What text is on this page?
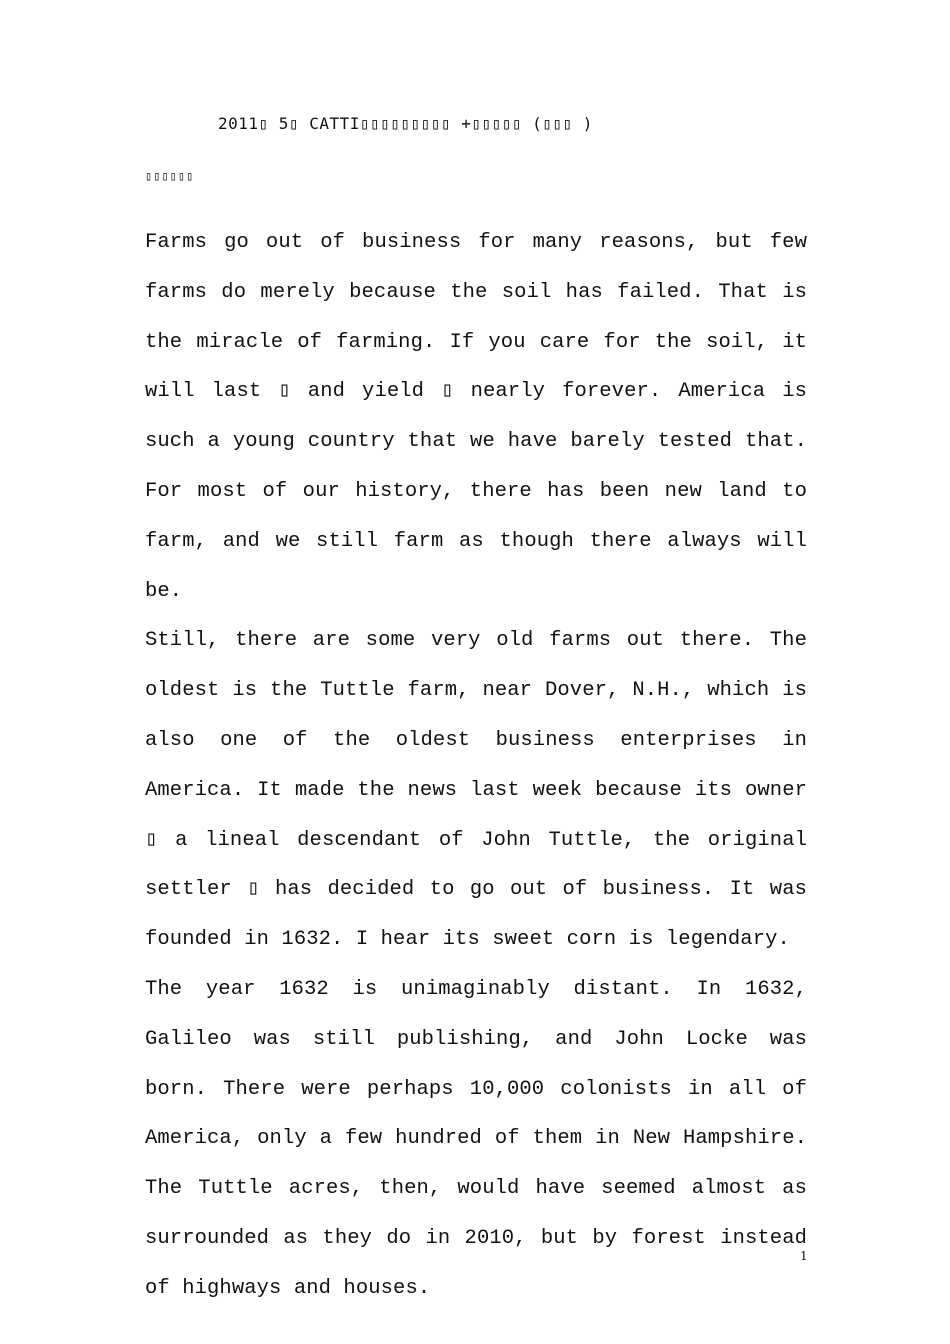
2011▯ 5▯ CATTI▯▯▯▯▯▯▯▯▯ +▯▯▯▯▯ (▯▯▯ )
▯▯▯▯▯▯

Farms go out of business for many reasons, but few farms do merely because the soil has failed. That is the miracle of farming. If you care for the soil, it will last ▯ and yield ▯ nearly forever. America is such a young country that we have barely tested that. For most of our history, there has been new land to farm, and we still farm as though there always will be.

Still, there are some very old farms out there. The oldest is the Tuttle farm, near Dover, N.H., which is also one of the oldest business enterprises in America. It made the news last week because its owner ▯ a lineal descendant of John Tuttle, the original settler ▯ has decided to go out of business. It was founded in 1632. I hear its sweet corn is legendary.

The year 1632 is unimaginably distant. In 1632, Galileo was still publishing, and John Locke was born. There were perhaps 10,000 colonists in all of America, only a few hundred of them in New Hampshire. The Tuttle acres, then, would have seemed almost as surrounded as they do in 2010, but by forest instead of highways and houses.

1
